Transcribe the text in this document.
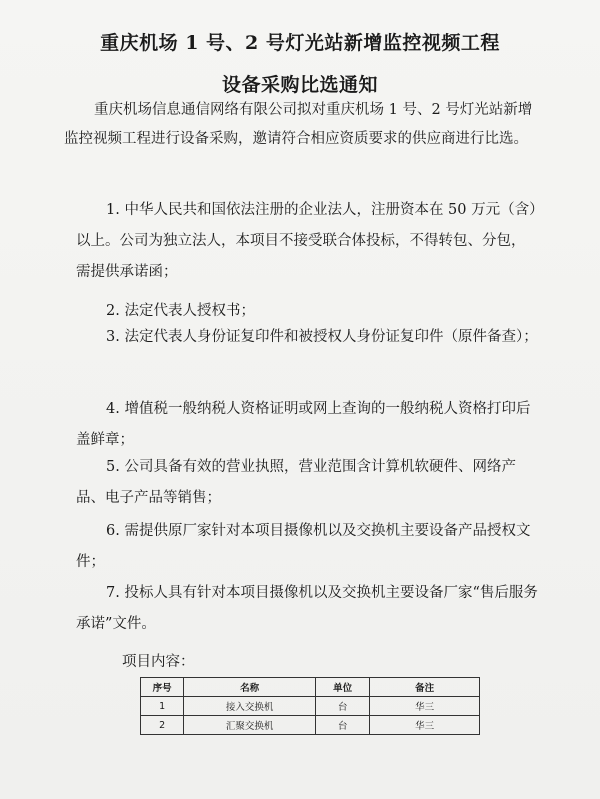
重庆机场 1 号、2 号灯光站新增监控视频工程
设备采购比选通知
重庆机场信息通信网络有限公司拟对重庆机场 1 号、2 号灯光站新增监控视频工程进行设备采购，邀请符合相应资质要求的供应商进行比选。
1. 中华人民共和国依法注册的企业法人，注册资本在 50 万元（含）以上。公司为独立法人，本项目不接受联合体投标，不得转包、分包，需提供承诺函；
2. 法定代表人授权书；
3. 法定代表人身份证复印件和被授权人身份证复印件（原件备查）；
4. 增值税一般纳税人资格证明或网上查询的一般纳税人资格打印后盖鲜章；
5. 公司具备有效的营业执照，营业范围含计算机软硬件、网络产品、电子产品等销售；
6. 需提供原厂家针对本项目摄像机以及交换机主要设备产品授权文件；
7. 投标人具有针对本项目摄像机以及交换机主要设备厂家“售后服务承诺”文件。
项目内容：
序号	名称	单位	备注
1	接入交换机	台	华三
2	汇聚交换机	台	华三
